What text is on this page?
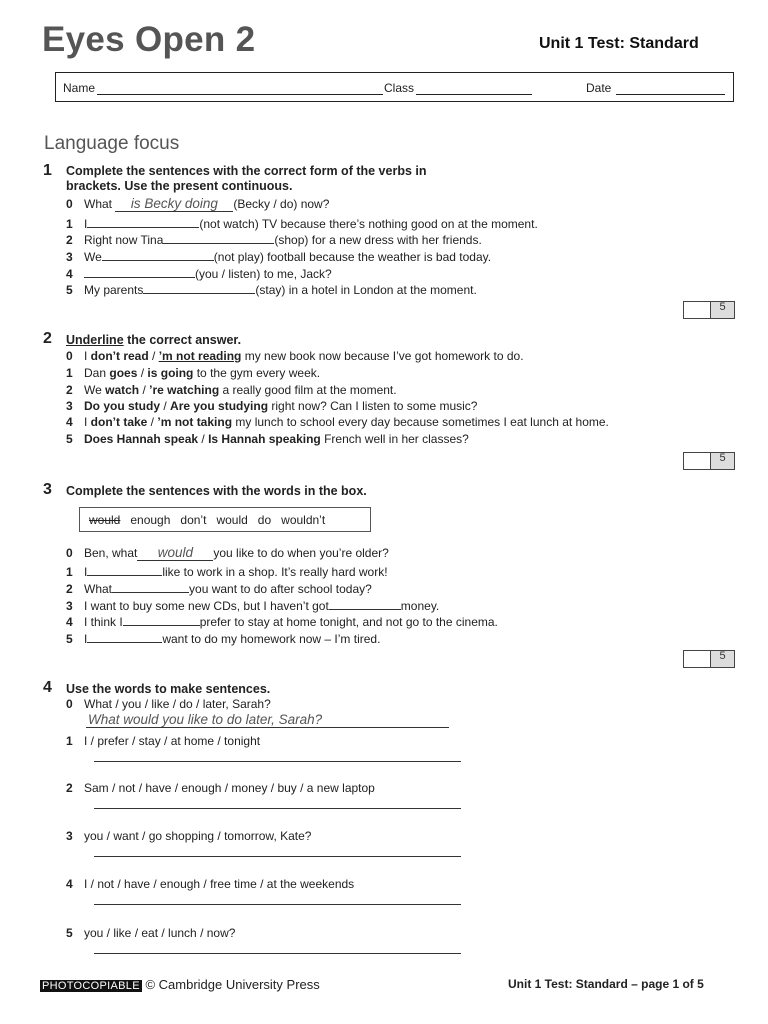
Eyes Open 2	Unit 1 Test: Standard
Name	Class	Date
Language focus
1 Complete the sentences with the correct form of the verbs in brackets. Use the present continuous.
0 What is Becky doing (Becky / do) now?
1 I	(not watch) TV because there’s nothing good on at the moment.
2 Right now Tina	(shop) for a new dress with her friends.
3 We	(not play) football because the weather is bad today.
4	(you / listen) to me, Jack?
5 My parents	(stay) in a hotel in London at the moment.
5
2 Underline the correct answer.
0 I don’t read / ’m not reading my new book now because I’ve got homework to do.
1 Dan goes / is going to the gym every week.
2 We watch / ’re watching a really good film at the moment.
3 Do you study / Are you studying right now? Can I listen to some music?
4 I don’t take / ’m not taking my lunch to school every day because sometimes I eat lunch at home.
5 Does Hannah speak / Is Hannah speaking French well in her classes?
5
3 Complete the sentences with the words in the box.
would enough don’t would do wouldn’t
0 Ben, what would you like to do when you’re older?
1 I	like to work in a shop. It’s really hard work!
2 What	you want to do after school today?
3 I want to buy some new CDs, but I haven’t got	money.
4 I think I	prefer to stay at home tonight, and not go to the cinema.
5 I	want to do my homework now – I’m tired.
5
4 Use the words to make sentences.
0 What / you / like / do / later, Sarah?
What would you like to do later, Sarah?
1 I / prefer / stay / at home / tonight
2 Sam / not / have / enough / money / buy / a new laptop
3 you / want / go shopping / tomorrow, Kate?
4 I / not / have / enough / free time / at the weekends
5 you / like / eat / lunch / now?
PHOTOCOPIABLE © Cambridge University Press	Unit 1 Test: Standard – page 1 of 5
